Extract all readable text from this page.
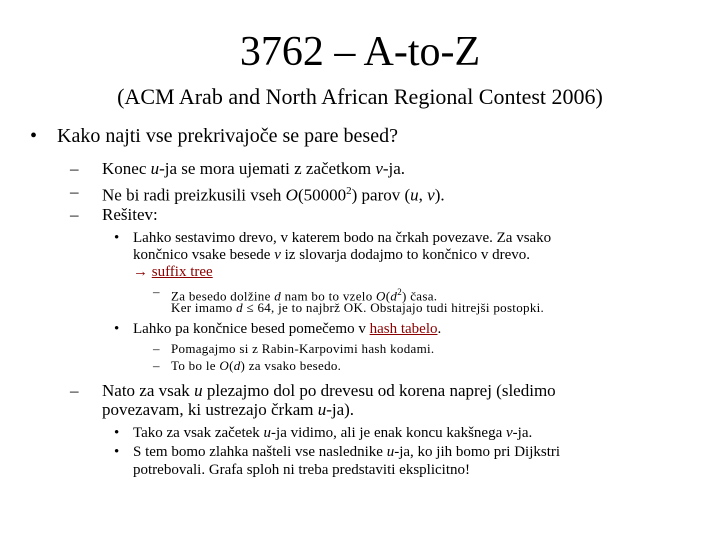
3762 – A-to-Z
(ACM Arab and North African Regional Contest 2006)
• Kako najti vse prekrivajoče se pare besed?
– Konec u-ja se mora ujemati z začetkom v-ja.
– Ne bi radi preizkusili vseh O(50000$^2$) parov (u, v).
– Rešitev:
• Lahko sestavimo drevo, v katerem bodo na črkah povezave. Za vsako
končnico vsake besede v iz slovarja dodajmo to končnico v drevo.
→ suffix tree
– Za besedo dolžine d nam bo to vzelo $O(d^2)$ časa.
Ker imamo d ≤ 64, je to najbrž OK. Obstajajo tudi hitrejši postopki.
• Lahko pa končnice besed pomečemo v hash tabelo.
– Pomagajmo si z Rabin-Karpovimi hash kodami.
– To bo le O(d) za vsako besedo.
– Nato za vsak u plezajmo dol po drevesu od korena naprej (sledimo
povezavam, ki ustrezajo črkam u-ja).
• Tako za vsak začetek u-ja vidimo, ali je enak koncu kakšnega v-ja.
• S tem bomo zlahka našteli vse naslednike u-ja, ko jih bomo pri Dijkstri
potrebovali. Grafa sploh ni treba predstaviti eksplicitno!
